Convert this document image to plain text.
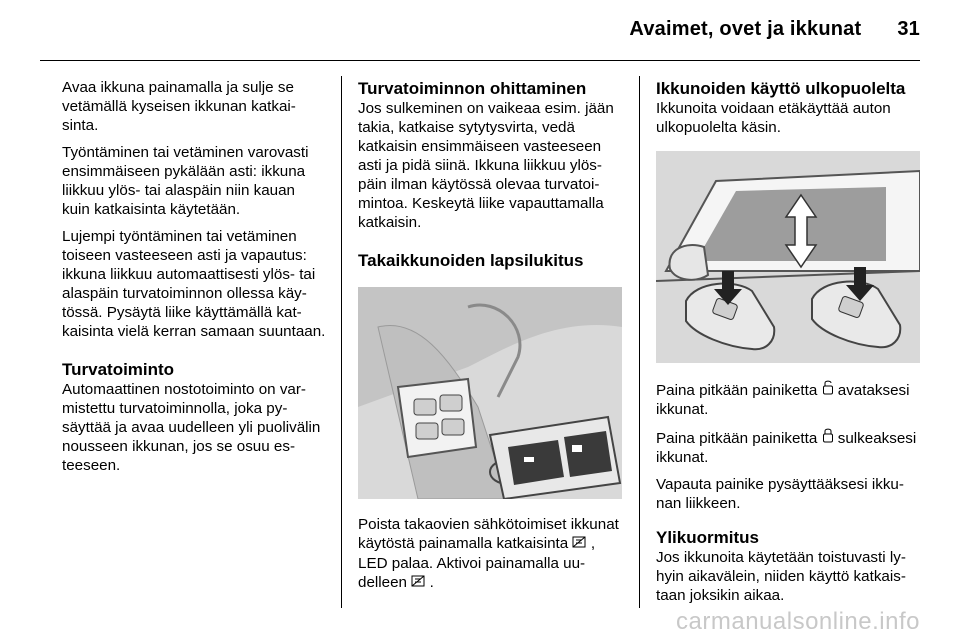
Avaimet, ovet ja ikkunat 31

Avaa ikkuna painamalla ja sulje se vetämällä kyseisen ikkunan katkaisinta.

Työntäminen tai vetäminen varovasti ensimmäiseen pykälään asti: ikkuna liikkuu ylös- tai alaspäin niin kauan kuin katkaisinta käytetään.

Lujempi työntäminen tai vetäminen toiseen vasteeseen asti ja vapautus: ikkuna liikkuu automaattisesti ylös- tai alaspäin turvatoiminnon ollessa käytössä. Pysäytä liike käyttämällä katkaisinta vielä kerran samaan suuntaan.

Turvatoiminto

Automaattinen nostotoiminto on varmistettu turvatoiminnolla, joka pysäyttää ja avaa uudelleen yli puolivälin nousseen ikkunan, jos se osuu esteeseen.

Turvatoiminnon ohittaminen

Jos sulkeminen on vaikeaa esim. jään takia, katkaise sytytysvirta, vedä katkaisin ensimmäiseen vasteeseen asti ja pidä siinä. Ikkuna liikkuu ylöspäin ilman käytössä olevaa turvatoimintoa. Keskeytä liike vapauttamalla katkaisin.

Takaikkunoiden lapsilukitus

Poista takaovien sähkötoimiset ikkunat käytöstä painamalla katkaisinta , LED palaa. Aktivoi painamalla uudelleen .

Ikkunoiden käyttö ulkopuolelta

Ikkunoita voidaan etäkäyttää auton ulkopuolelta käsin.

Paina pitkään painiketta avataksesi ikkunat.

Paina pitkään painiketta sulkeaksesi ikkunat.

Vapauta painike pysäyttääksesi ikkunan liikkeen.

Ylikuormitus

Jos ikkunoita käytetään toistuvasti lyhyin aikavälein, niiden käyttö katkaistaan joksikin aikaa.

carmanualsonline.info
